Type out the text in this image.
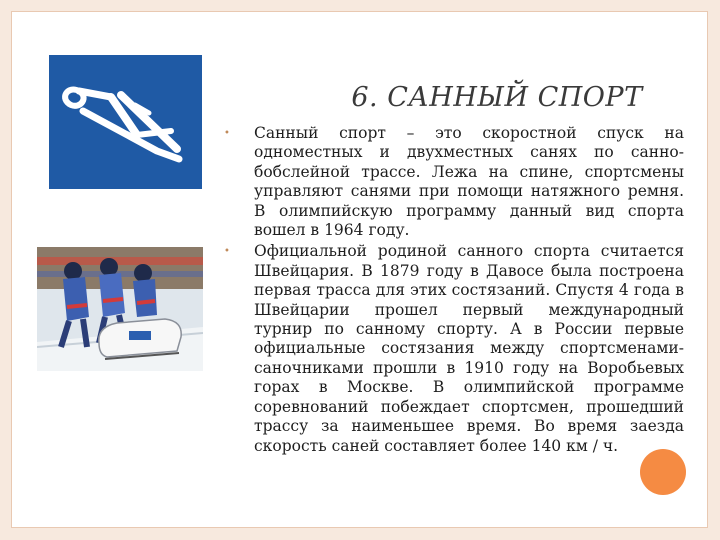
6. САННЫЙ СПОРТ
• Санный спорт – это скоростной спуск на одноместных и двухместных санях по санно-бобслейной трассе. Лежа на спине, спортсмены управляют санями при помощи натяжного ремня. В олимпийскую программу данный вид спорта вошел в 1964 году.
• Официальной родиной санного спорта считается Швейцария. В 1879 году в Давосе была построена первая трасса для этих состязаний. Спустя 4 года в Швейцарии прошел первый международный турнир по санному спорту. А в России первые официальные состязания между спортсменами-саночниками прошли в 1910 году на Воробьевых горах в Москве. В олимпийской программе соревнований побеждает спортсмен, прошедший трассу за наименьшее время. Во время заезда скорость саней составляет более 140 км / ч.
